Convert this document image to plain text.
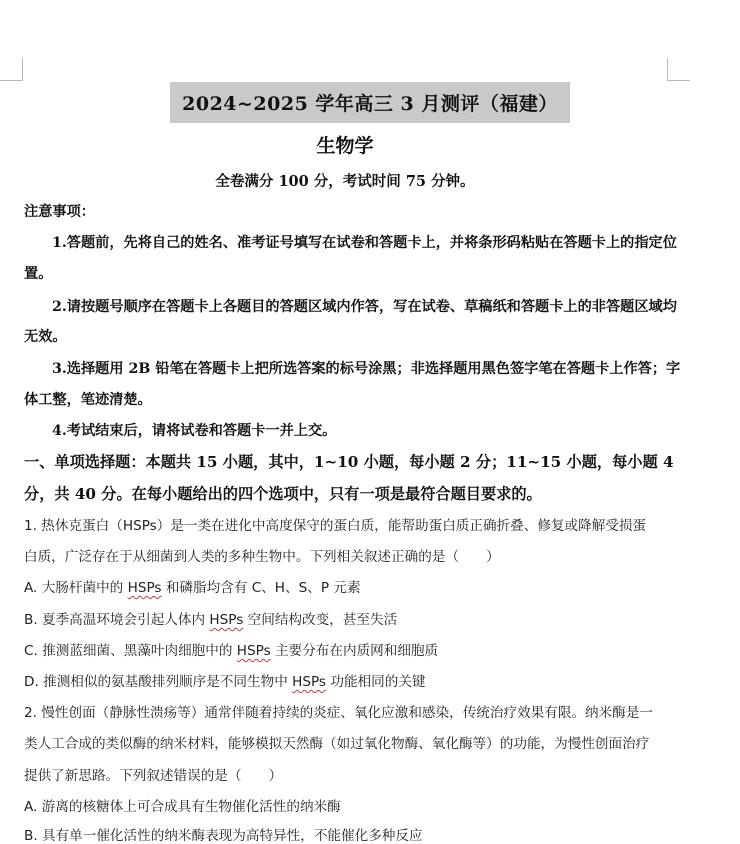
2024~2025 学年高三 3 月测评（福建）
生物学
全卷满分 100 分，考试时间 75 分钟。
注意事项：
1.答题前，先将自己的姓名、准考证号填写在试卷和答题卡上，并将条形码粘贴在答题卡上的指定位
置。
2.请按题号顺序在答题卡上各题目的答题区域内作答，写在试卷、草稿纸和答题卡上的非答题区域均
无效。
3.选择题用 2B 铅笔在答题卡上把所选答案的标号涂黑；非选择题用黑色签字笔在答题卡上作答；字
体工整，笔迹清楚。
4.考试结束后，请将试卷和答题卡一并上交。
一、单项选择题：本题共 15 小题，其中，1~10 小题，每小题 2 分；11~15 小题，每小题 4
分，共 40 分。在每小题给出的四个选项中，只有一项是最符合题目要求的。
1. 热休克蛋白（HSPs）是一类在进化中高度保守的蛋白质，能帮助蛋白质正确折叠、修复或降解受损蛋
白质，广泛存在于从细菌到人类的多种生物中。下列相关叙述正确的是（　　）
A. 大肠杆菌中的 HSPs 和磷脂均含有 C、H、S、P 元素
B. 夏季高温环境会引起人体内 HSPs 空间结构改变，甚至失活
C. 推测蓝细菌、黑藻叶肉细胞中的 HSPs 主要分布在内质网和细胞质
D. 推测相似的氨基酸排列顺序是不同生物中 HSPs 功能相同的关键
2. 慢性创面（静脉性溃疡等）通常伴随着持续的炎症、氧化应激和感染，传统治疗效果有限。纳米酶是一
类人工合成的类似酶的纳米材料，能够模拟天然酶（如过氧化物酶、氧化酶等）的功能，为慢性创面治疗
提供了新思路。下列叙述错误的是（　　）
A. 游离的核糖体上可合成具有生物催化活性的纳米酶
B. 具有单一催化活性的纳米酶表现为高特异性，不能催化多种反应
